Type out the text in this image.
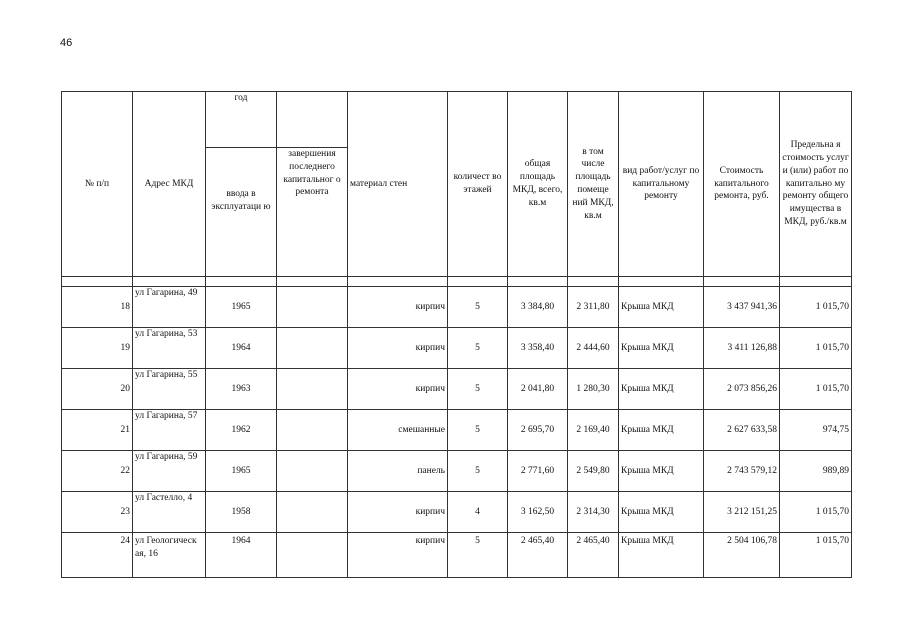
46
№ п/п	Адрес МКД	год		материал стен	количест во этажей	общая площадь МКД, всего, кв.м	в том числе площадь помеще ний МКД, кв.м	вид работ/услуг по капитальному ремонту	Стоимость капитального ремонта, руб.	Предельна я стоимость услуг и (или) работ по капитально му ремонту общего имущества в МКД, руб./кв.м
		ввода в эксплуатаци ю	завершения последнего капитальног о ремонта							

18	ул Гагарина, 49	1965		кирпич	5	3 384,80	2 311,80	Крыша МКД	3 437 941,36	1 015,70
19	ул Гагарина, 53	1964		кирпич	5	3 358,40	2 444,60	Крыша МКД	3 411 126,88	1 015,70
20	ул Гагарина, 55	1963		кирпич	5	2 041,80	1 280,30	Крыша МКД	2 073 856,26	1 015,70
21	ул Гагарина, 57	1962		смешанные	5	2 695,70	2 169,40	Крыша МКД	2 627 633,58	974,75
22	ул Гагарина, 59	1965		панель	5	2 771,60	2 549,80	Крыша МКД	2 743 579,12	989,89
23	ул Гастелло, 4	1958		кирпич	4	3 162,50	2 314,30	Крыша МКД	3 212 151,25	1 015,70
24	ул Геологическ ая, 16	1964		кирпич	5	2 465,40	2 465,40	Крыша МКД	2 504 106,78	1 015,70
